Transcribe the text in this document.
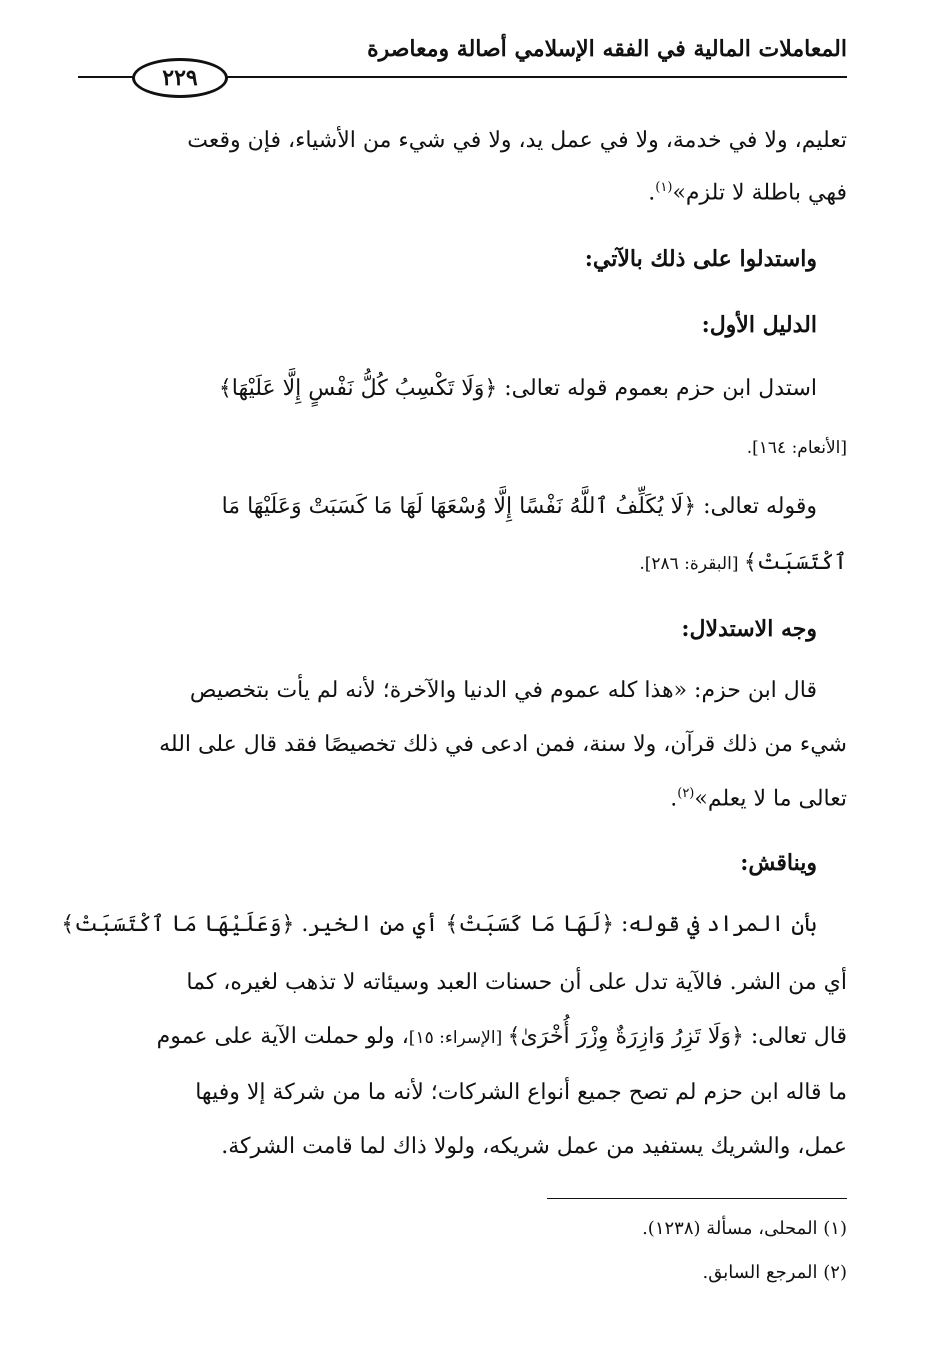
المعاملات المالية في الفقه الإسلامي أصالة ومعاصرة
٢٢٩
تعليم، ولا في خدمة، ولا في عمل يد، ولا في شيء من الأشياء، فإن وقعت
فهي باطلة لا تلزم»$^{(١)}$.
واستدلوا على ذلك بالآتي:
الدليل الأول:
استدل ابن حزم بعموم قوله تعالى: ﴿وَلَا تَكْسِبُ كُلُّ نَفْسٍ إِلَّا عَلَيْهَا﴾
[الأنعام: ١٦٤].
وقوله تعالى: ﴿لَا يُكَلِّفُ ٱللَّهُ نَفْسًا إِلَّا وُسْعَهَا لَهَا مَا كَسَبَتْ وَعَلَيْهَا مَا
ٱكْتَسَبَتْ﴾ [البقرة: ٢٨٦].
وجه الاستدلال:
قال ابن حزم: «هذا كله عموم في الدنيا والآخرة؛ لأنه لم يأت بتخصيص
شيء من ذلك قرآن، ولا سنة، فمن ادعى في ذلك تخصيصًا فقد قال على الله
تعالى ما لا يعلم»$^{(٢)}$.
ويناقش:
بأن المراد في قوله: ﴿لَهَا مَا كَسَبَتْ﴾ أي من الخير. ﴿وَعَلَيْهَا مَا ٱكْتَسَبَتْ﴾
أي من الشر. فالآية تدل على أن حسنات العبد وسيئاته لا تذهب لغيره، كما
قال تعالى: ﴿وَلَا تَزِرُ وَازِرَةٌ وِزْرَ أُخْرَىٰ﴾ [الإسراء: ١٥]، ولو حملت الآية على عموم
ما قاله ابن حزم لم تصح جميع أنواع الشركات؛ لأنه ما من شركة إلا وفيها
عمل، والشريك يستفيد من عمل شريكه، ولولا ذاك لما قامت الشركة.
(١) المحلى، مسألة (١٢٣٨).
(٢) المرجع السابق.
